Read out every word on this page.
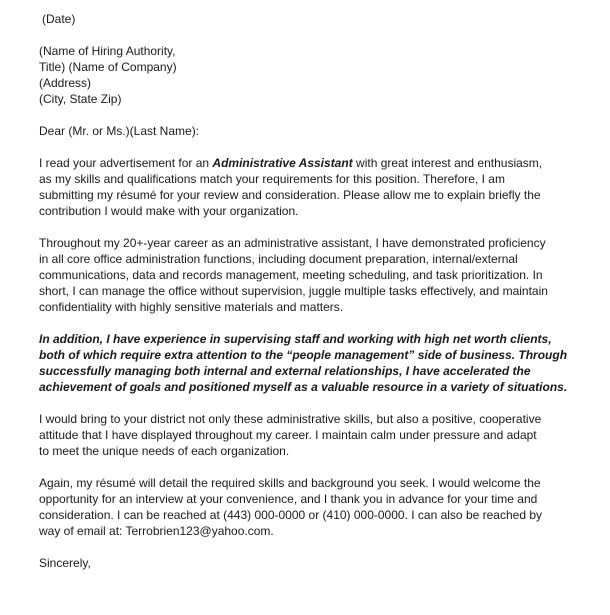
(Date)
(Name of Hiring Authority,
Title) (Name of Company)
(Address)
(City, State Zip)
Dear (Mr. or Ms.)(Last Name):
I read your advertisement for an Administrative Assistant with great interest and enthusiasm,
as my skills and qualifications match your requirements for this position. Therefore, I am
submitting my résumé for your review and consideration. Please allow me to explain briefly the
contribution I would make with your organization.
Throughout my 20+-year career as an administrative assistant, I have demonstrated proficiency
in all core office administration functions, including document preparation, internal/external
communications, data and records management, meeting scheduling, and task prioritization. In
short, I can manage the office without supervision, juggle multiple tasks effectively, and maintain
confidentiality with highly sensitive materials and matters.
In addition, I have experience in supervising staff and working with high net worth clients,
both of which require extra attention to the “people management” side of business. Through
successfully managing both internal and external relationships, I have accelerated the
achievement of goals and positioned myself as a valuable resource in a variety of situations.
I would bring to your district not only these administrative skills, but also a positive, cooperative
attitude that I have displayed throughout my career. I maintain calm under pressure and adapt
to meet the unique needs of each organization.
Again, my résumé will detail the required skills and background you seek. I would welcome the
opportunity for an interview at your convenience, and I thank you in advance for your time and
consideration. I can be reached at (443) 000-0000 or (410) 000-0000. I can also be reached by
way of email at: Terrobrien123@yahoo.com.
Sincerely,
